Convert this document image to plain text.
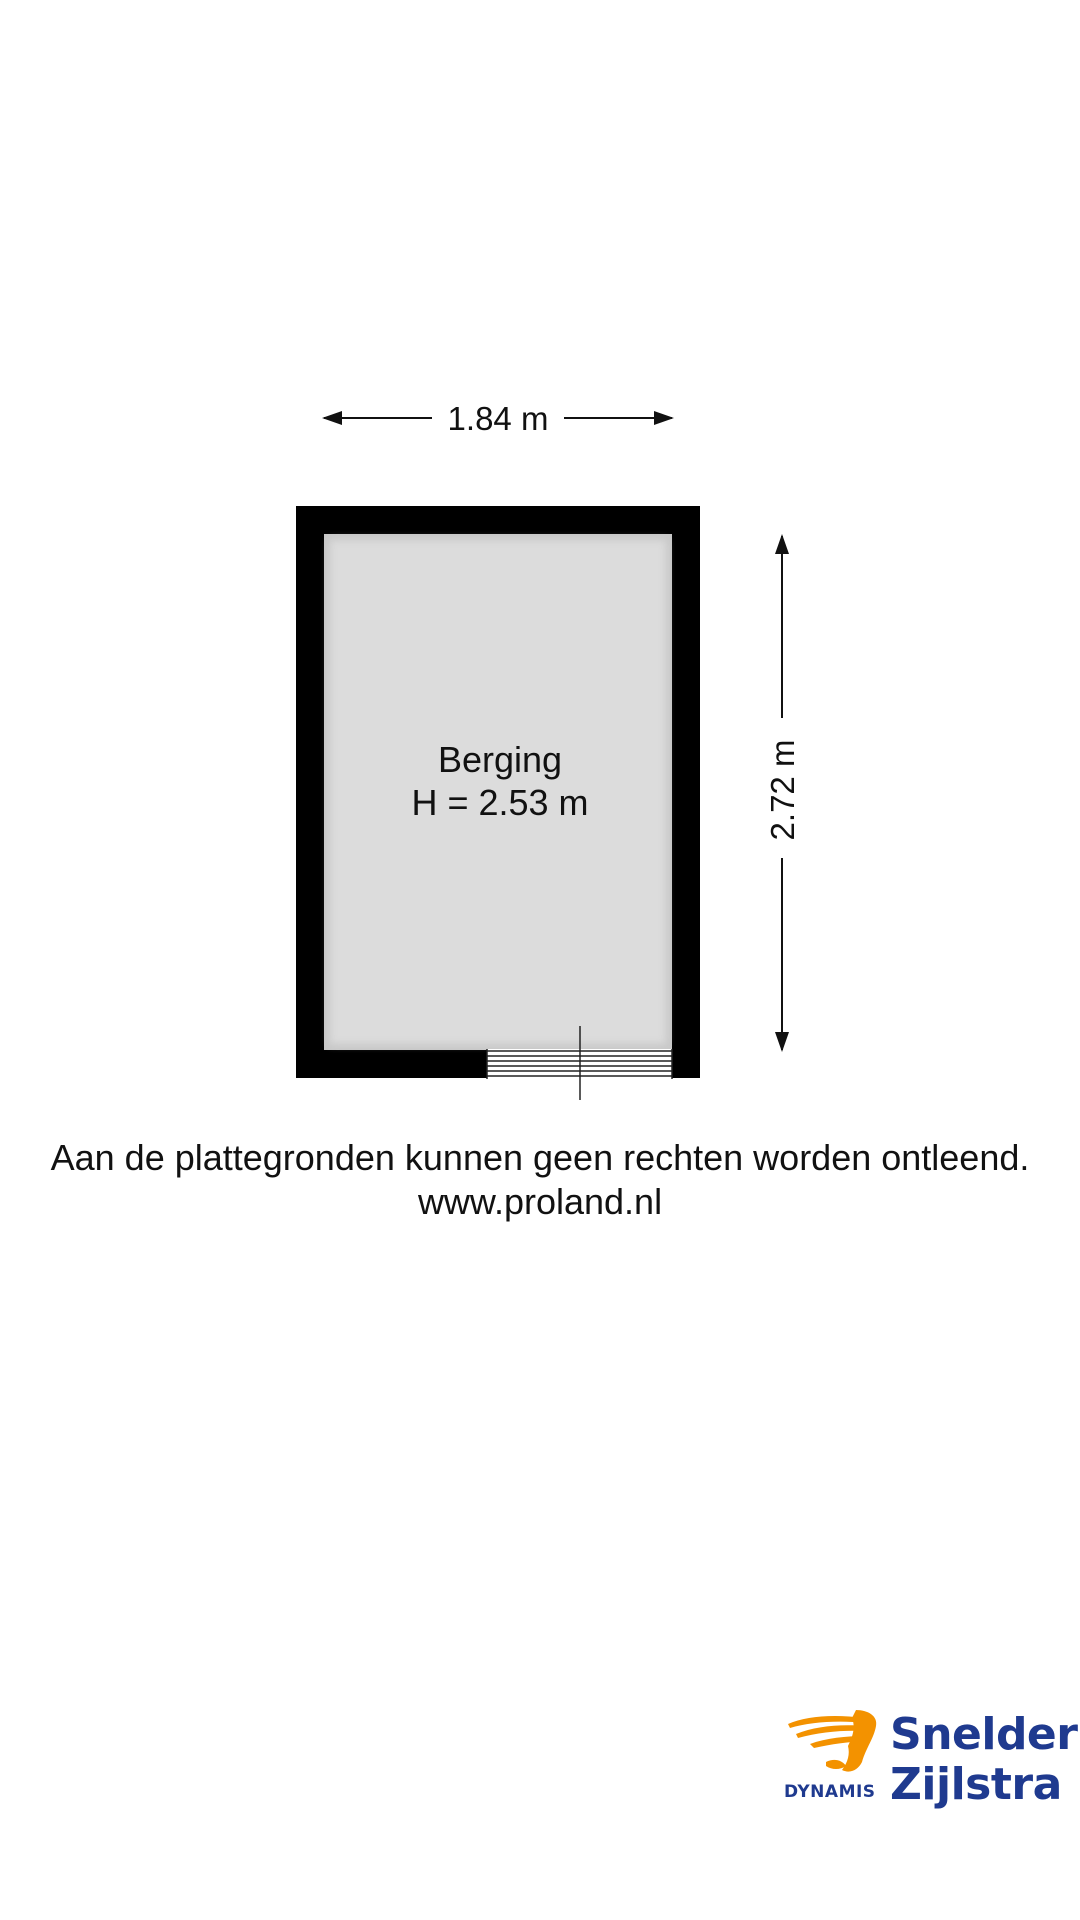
1.84 m
2.72 m
Berging
H = 2.53 m
Aan de plattegronden kunnen geen rechten worden ontleend.
www.proland.nl
Snelder
Zijlstra
DYNAMIS
